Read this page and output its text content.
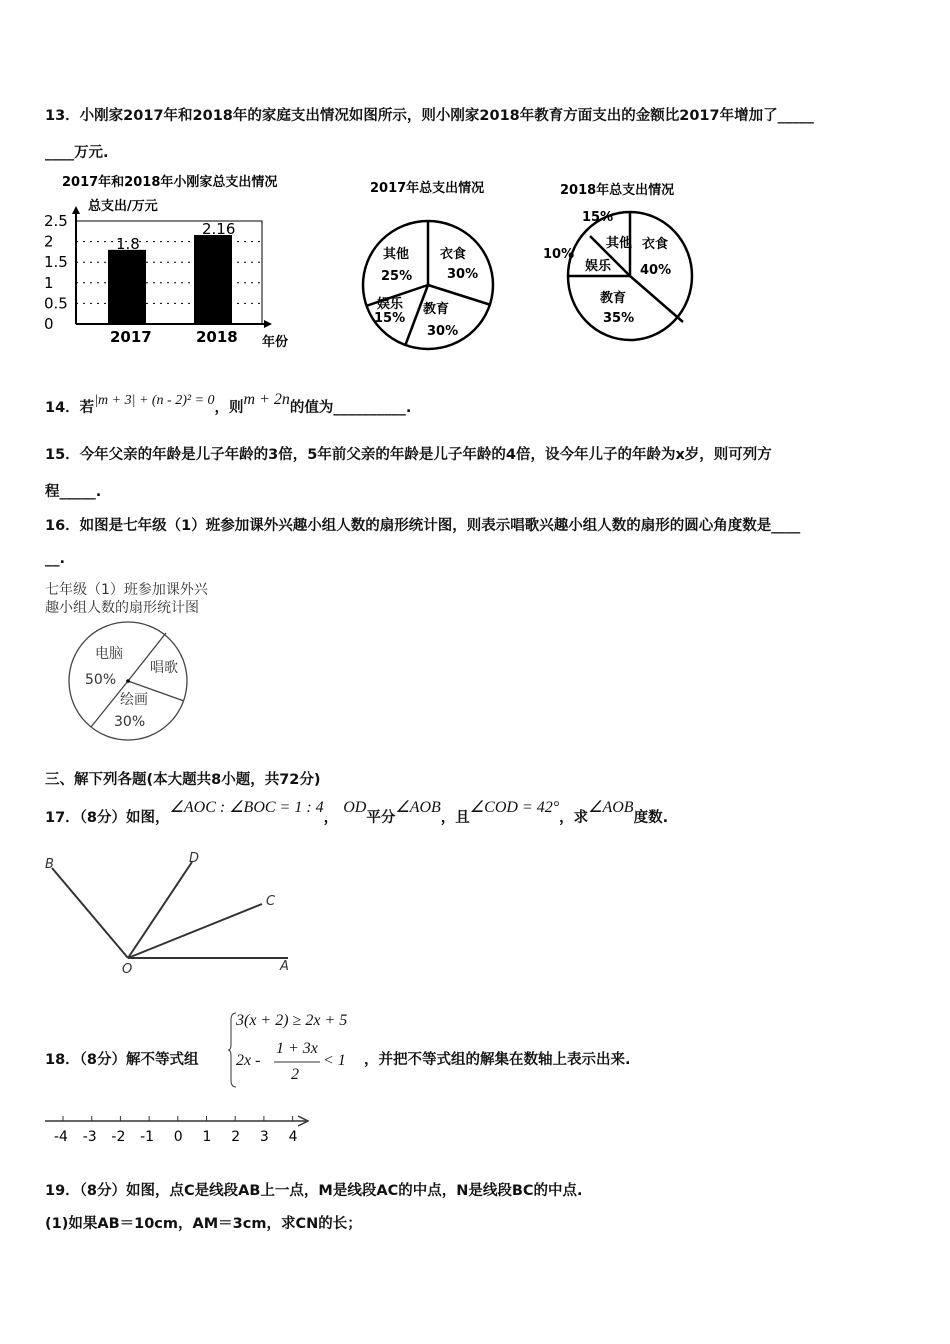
13．小刚家2017年和2018年的家庭支出情况如图所示，则小刚家2018年教育方面支出的金额比2017年增加了_____
____万元.
2017年和2018年小刚家总支出情况
总支出/万元
0
0.5
1
1.5
2
2.5
1.8
2017
2.16
2018 年份
2017年总支出情况
衣食
30%
教育
30%
娱乐
15%
其他
25%
2018年总支出情况
衣食
40%
教育
35%
娱乐
10%
其他
15%
七年级（1）班参加课外兴
趣小组人数的扇形统计图
电脑
50%
唱歌
绘画
30%
B	D
C
O	A
-4 -3 -2 -1 0 1 2 3 4
14．若|m + 3| + (n - 2)² = 0，则m + 2n的值为__________.
15．今年父亲的年龄是儿子年龄的3倍，5年前父亲的年龄是儿子年龄的4倍，设今年儿子的年龄为x岁，则可列方
程_____.
16．如图是七年级（1）班参加课外兴趣小组人数的扇形统计图，则表示唱歌兴趣小组人数的扇形的圆心角度数是____
__.
三、解下列各题(本大题共8小题，共72分)
17．（8分）如图，∠AOC : ∠BOC = 1 : 4， OD平分∠AOB，且∠COD = 42°，求∠AOB度数.
18．（8分）解不等式组
3(x + 2) ≥ 2x + 5
2x -
1 + 3x
2
< 1 ，并把不等式组的解集在数轴上表示出来.
19．（8分）如图，点C是线段AB上一点，M是线段AC的中点，N是线段BC的中点.
(1)如果AB＝10cm，AM＝3cm，求CN的长；
